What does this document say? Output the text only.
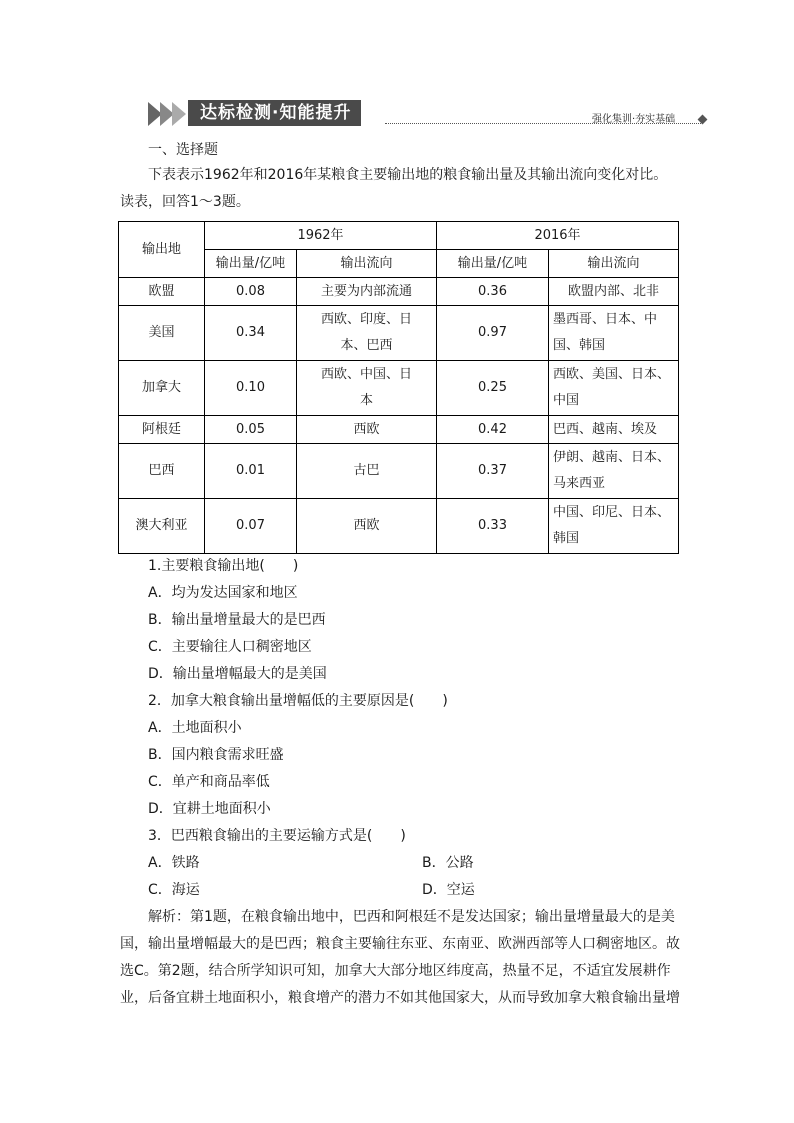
达标检测·知能提升	强化集训·夯实基础
一、选择题
下表表示1962年和2016年某粮食主要输出地的粮食输出量及其输出流向变化对比。读表，回答1～3题。
输出地	1962年		2016年	
	输出量/亿吨	输出流向	输出量/亿吨	输出流向
欧盟	0.08	主要为内部流通	0.36	欧盟内部、北非
美国	0.34	西欧、印度、日本、巴西	0.97	墨西哥、日本、中国、韩国
加拿大	0.10	西欧、中国、日本	0.25	西欧、美国、日本、中国
阿根廷	0.05	西欧	0.42	巴西、越南、埃及
巴西	0.01	古巴	0.37	伊朗、越南、日本、马来西亚
澳大利亚	0.07	西欧	0.33	中国、印尼、日本、韩国
1.主要粮食输出地(　　)
A．均为发达国家和地区
B．输出量增量最大的是巴西
C．主要输往人口稠密地区
D．输出量增幅最大的是美国
2．加拿大粮食输出量增幅低的主要原因是(　　)
A．土地面积小
B．国内粮食需求旺盛
C．单产和商品率低
D．宜耕土地面积小
3．巴西粮食输出的主要运输方式是(　　)
A．铁路	B．公路
C．海运	D．空运
解析：第1题，在粮食输出地中，巴西和阿根廷不是发达国家；输出量增量最大的是美国，输出量增幅最大的是巴西；粮食主要输往东亚、东南亚、欧洲西部等人口稠密地区。故选C。第2题，结合所学知识可知，加拿大大部分地区纬度高，热量不足，不适宜发展耕作业，后备宜耕土地面积小，粮食增产的潜力不如其他国家大，从而导致加拿大粮食输出量增
